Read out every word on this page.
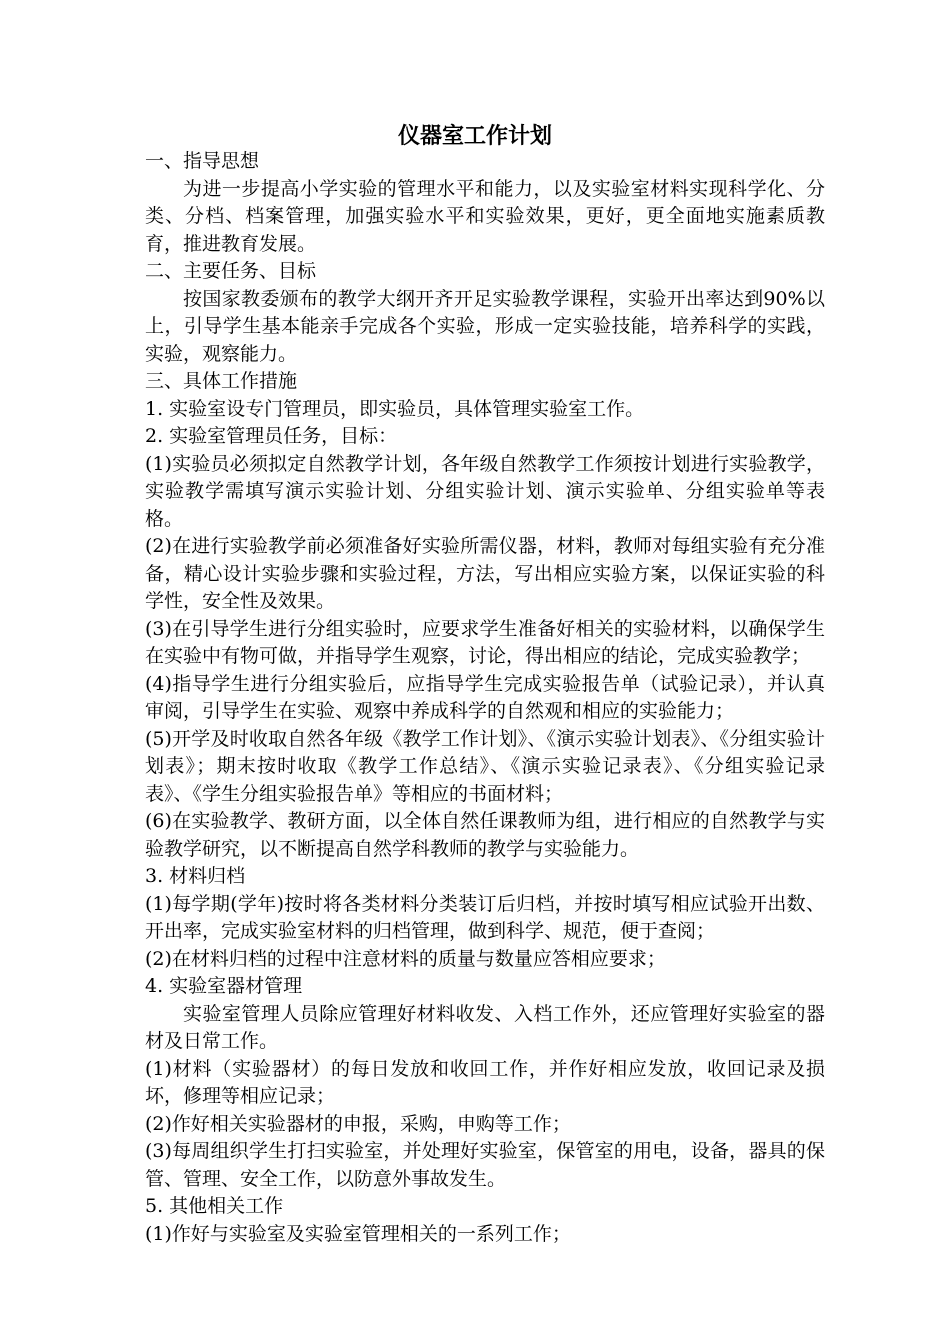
仪器室工作计划

一、指导思想

为进一步提高小学实验的管理水平和能力，以及实验室材料实现科学化、分类、分档、档案管理，加强实验水平和实验效果，更好，更全面地实施素质教育，推进教育发展。

二、主要任务、目标

按国家教委颁布的教学大纲开齐开足实验教学课程，实验开出率达到90%以上，引导学生基本能亲手完成各个实验，形成一定实验技能，培养科学的实践，实验，观察能力。

三、具体工作措施

1. 实验室设专门管理员，即实验员，具体管理实验室工作。

2. 实验室管理员任务，目标：

(1)实验员必须拟定自然教学计划，各年级自然教学工作须按计划进行实验教学，实验教学需填写演示实验计划、分组实验计划、演示实验单、分组实验单等表格。

(2)在进行实验教学前必须准备好实验所需仪器，材料，教师对每组实验有充分准备，精心设计实验步骤和实验过程，方法，写出相应实验方案，以保证实验的科学性，安全性及效果。

(3)在引导学生进行分组实验时，应要求学生准备好相关的实验材料，以确保学生在实验中有物可做，并指导学生观察，讨论，得出相应的结论，完成实验教学；

(4)指导学生进行分组实验后，应指导学生完成实验报告单（试验记录），并认真审阅，引导学生在实验、观察中养成科学的自然观和相应的实验能力；

(5)开学及时收取自然各年级《教学工作计划》、《演示实验计划表》、《分组实验计划表》；期末按时收取《教学工作总结》、《演示实验记录表》、《分组实验记录表》、《学生分组实验报告单》等相应的书面材料；

(6)在实验教学、教研方面，以全体自然任课教师为组，进行相应的自然教学与实验教学研究，以不断提高自然学科教师的教学与实验能力。

3. 材料归档

(1)每学期(学年)按时将各类材料分类装订后归档，并按时填写相应试验开出数、开出率，完成实验室材料的归档管理，做到科学、规范，便于查阅；

(2)在材料归档的过程中注意材料的质量与数量应答相应要求；

4. 实验室器材管理

实验室管理人员除应管理好材料收发、入档工作外，还应管理好实验室的器材及日常工作。

(1)材料（实验器材）的每日发放和收回工作，并作好相应发放，收回记录及损坏，修理等相应记录；

(2)作好相关实验器材的申报，采购，申购等工作；

(3)每周组织学生打扫实验室，并处理好实验室，保管室的用电，设备，器具的保管、管理、安全工作，以防意外事故发生。

5. 其他相关工作

(1)作好与实验室及实验室管理相关的一系列工作；
